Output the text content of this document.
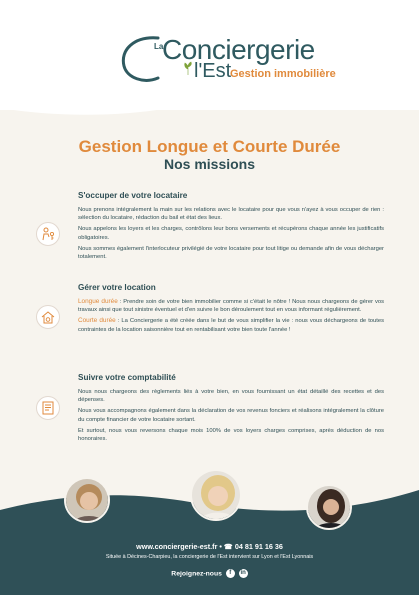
La
Conciergerie
l'Est
Gestion immobilière
Gestion Longue et Courte Durée
Nos missions
S'occuper de votre locataire

Nous prenons intégralement la main sur les relations avec le locataire pour que vous n'ayez à vous occuper de rien : sélection du locataire, rédaction du bail et état des lieux.

Nous appelons les loyers et les charges, contrôlons leur bons versements et récupérons chaque année les justificatifs obligatoires.

Nous sommes également l'interlocuteur privilégié de votre locataire pour tout litige ou demande afin de vous décharger totalement.

Gérer votre location

Longue durée : Prendre soin de votre bien immobilier comme si c'était le nôtre ! Nous nous chargeons de gérer vos travaux ainsi que tout sinistre éventuel et d'en suivre le bon déroulement tout en vous informant régulièrement.

Courte durée : La Conciergerie a été créée dans le but de vous simplifier la vie : nous vous déchargeons de toutes contraintes de la location saisonnière tout en rentabilisant votre bien toute l'année !

Suivre votre comptabilité

Nous nous chargeons des règlements liés à votre bien, en vous fournissant un état détaillé des recettes et des dépenses.

Nous vous accompagnons également dans la déclaration de vos revenus fonciers et réalisons intégralement la clôture du compte financier de votre locataire sortant.

Et surtout, nous vous reversons chaque mois 100% de vos loyers charges comprises, après déduction de nos honoraires.

www.conciergerie-est.fr • ☎ 04 81 91 16 36
Située à Décines-Charpieu, la conciergerie de l'Est intervient sur Lyon et l'Est Lyonnais
Rejoignez-nous f in
